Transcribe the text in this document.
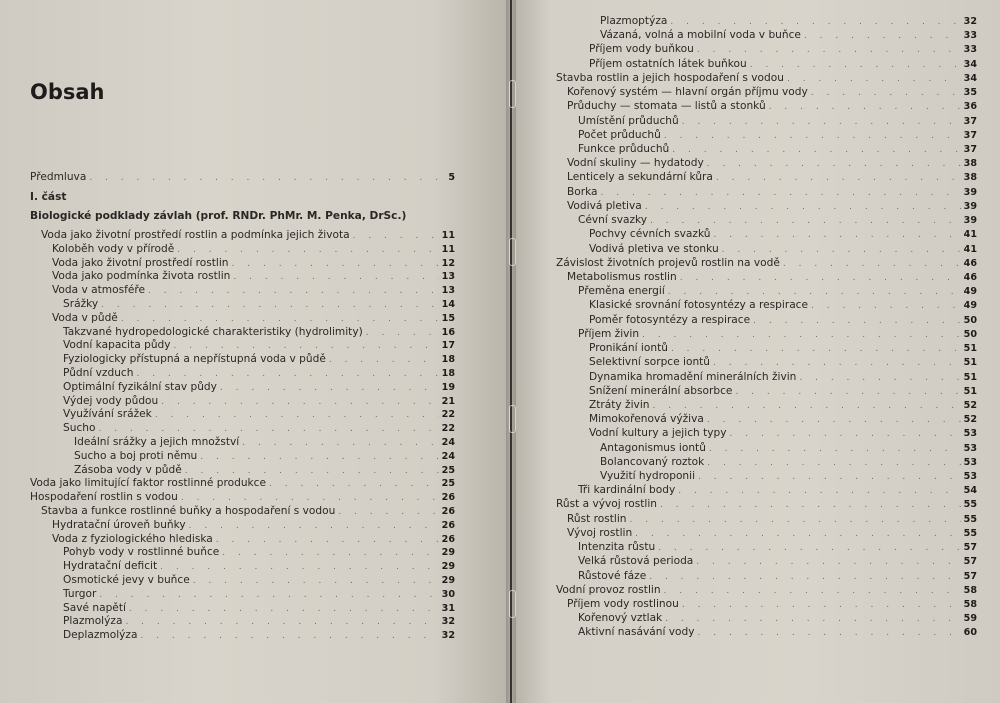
Obsah
Předmluva . . .	5
I. část
Biologické podklady závlah (prof. RNDr. PhMr. M. Penka, DrSc.)
Voda jako životní prostředí rostlin a podmínka jejich života . . .	11
Koloběh vody v přírodě . . .	11
Voda jako životní prostředí rostlin . . .	12
Voda jako podmínka života rostlin . . .	13
Voda v atmosféře . . .	13
Srážky . . .	14
Voda v půdě . . .	15
Takzvané hydropedologické charakteristiky (hydrolimity) . . .	16
Vodní kapacita půdy . . .	17
Fyziologicky přístupná a nepřístupná voda v půdě . . .	18
Půdní vzduch . . .	18
Optimální fyzikální stav půdy . . .	19
Výdej vody půdou . . .	21
Využívání srážek . . .	22
Sucho . . .	22
Ideální srážky a jejich množství . . .	24
Sucho a boj proti němu . . .	24
Zásoba vody v půdě . . .	25
Voda jako limitující faktor rostlinné produkce . . .	25
Hospodaření rostlin s vodou . . .	26
Stavba a funkce rostlinné buňky a hospodaření s vodou . . .	26
Hydratační úroveň buňky . . .	26
Voda z fyziologického hlediska . . .	26
Pohyb vody v rostlinné buňce . . .	29
Hydratační deficit . . .	29
Osmotické jevy v buňce . . .	29
Turgor . . .	30
Savé napětí . . .	31
Plazmolýza . . .	32
Deplazmolýza . . .	32
Plazmoptýza . . .	32
Vázaná, volná a mobilní voda v buňce . . .	33
Příjem vody buňkou . . .	33
Příjem ostatních látek buňkou . . .	34
Stavba rostlin a jejich hospodaření s vodou . . .	34
Kořenový systém — hlavní orgán příjmu vody . . .	35
Průduchy — stomata — listů a stonků . . .	36
Umístění průduchů . . .	37
Počet průduchů . . .	37
Funkce průduchů . . .	37
Vodní skuliny — hydatody . . .	38
Lenticely a sekundární kůra . . .	38
Borka . . .	39
Vodivá pletiva . . .	39
Cévní svazky . . .	39
Pochvy cévních svazků . . .	41
Vodivá pletiva ve stonku . . .	41
Závislost životních projevů rostlin na vodě . . .	46
Metabolismus rostlin . . .	46
Přeměna energií . . .	49
Klasické srovnání fotosyntézy a respirace . . .	49
Poměr fotosyntézy a respirace . . .	50
Příjem živin . . .	50
Pronikání iontů . . .	51
Selektivní sorpce iontů . . .	51
Dynamika hromadění minerálních živin . . .	51
Snížení minerální absorbce . . .	51
Ztráty živin . . .	52
Mimokořenová výživa . . .	52
Vodní kultury a jejich typy . . .	53
Antagonismus iontů . . .	53
Bolancovaný roztok . . .	53
Využití hydroponii . . .	53
Tři kardinální body . . .	54
Růst a vývoj rostlin . . .	55
Růst rostlin . . .	55
Vývoj rostlin . . .	55
Intenzita růstu . . .	57
Velká růstová perioda . . .	57
Růstové fáze . . .	57
Vodní provoz rostlin . . .	58
Příjem vody rostlinou . . .	58
Kořenový vztlak . . .	59
Aktivní nasávání vody . . .	60
